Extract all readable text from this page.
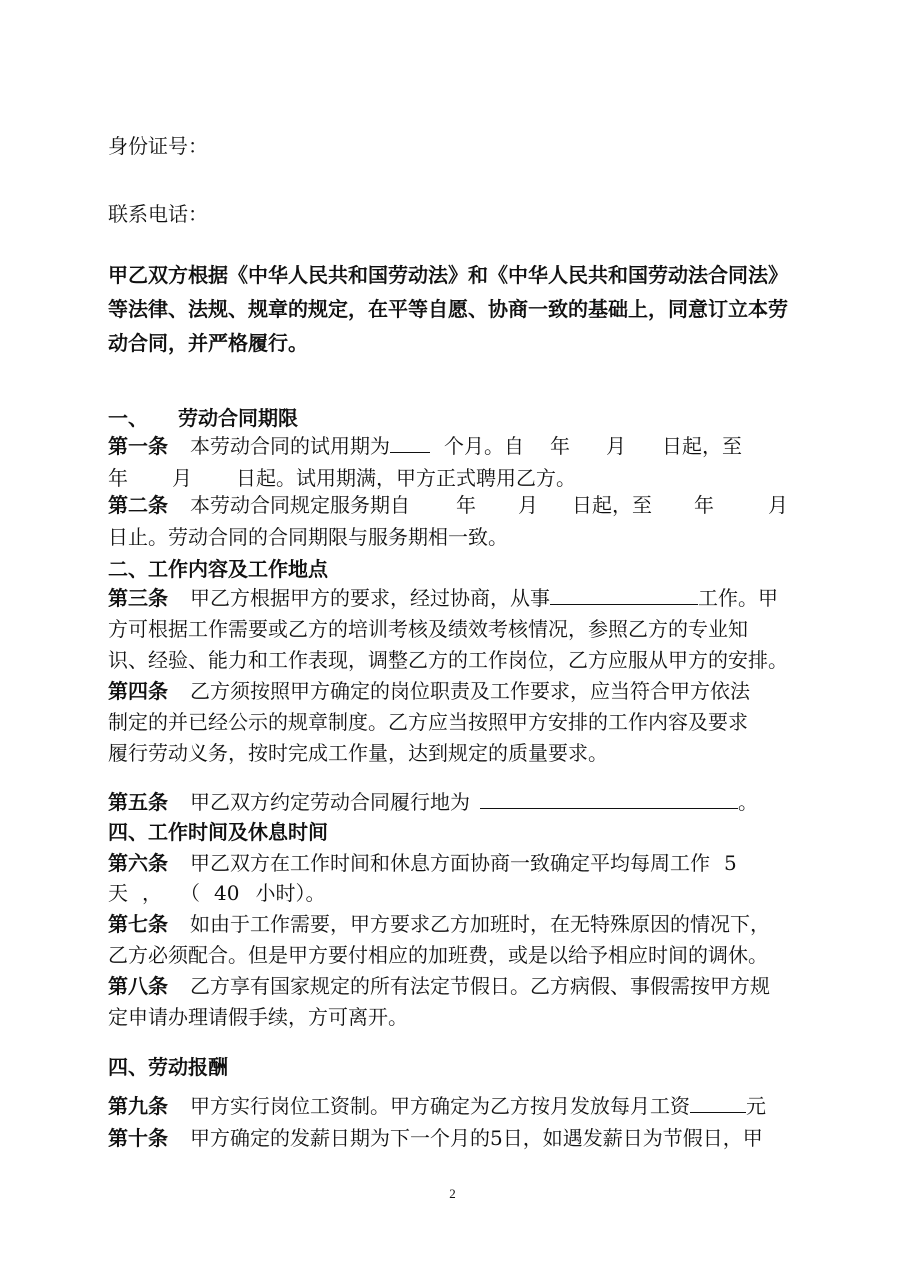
身份证号：
联系电话：
甲乙双方根据《中华人民共和国劳动法》和《中华人民共和国劳动法合同法》
等法律、法规、规章的规定，在平等自愿、协商一致的基础上，同意订立本劳
动合同，并严格履行。
一、 劳动合同期限
第一条 本劳动合同的试用期为	个月。自 年 月 日起，至
年 月 日起。试用期满，甲方正式聘用乙方。
第二条 本劳动合同规定服务期自 年 月 日起，至 年	月
日止。劳动合同的合同期限与服务期相一致。
二、工作内容及工作地点
第三条 甲乙方根据甲方的要求，经过协商，从事	工作。甲
方可根据工作需要或乙方的培训考核及绩效考核情况，参照乙方的专业知
识、经验、能力和工作表现，调整乙方的工作岗位，乙方应服从甲方的安排。
第四条 乙方须按照甲方确定的岗位职责及工作要求，应当符合甲方依法
制定的并已经公示的规章制度。乙方应当按照甲方安排的工作内容及要求
履行劳动义务，按时完成工作量，达到规定的质量要求。
第五条 甲乙双方约定劳动合同履行地为	。
四、工作时间及休息时间
第六条 甲乙双方在工作时间和休息方面协商一致确定平均每周工作 5
天 ， （ 40 小时）。
第七条 如由于工作需要，甲方要求乙方加班时，在无特殊原因的情况下，
乙方必须配合。但是甲方要付相应的加班费，或是以给予相应时间的调休。
第八条 乙方享有国家规定的所有法定节假日。乙方病假、事假需按甲方规
定申请办理请假手续，方可离开。
四、劳动报酬
第九条 甲方实行岗位工资制。甲方确定为乙方按月发放每月工资	元
第十条 甲方确定的发薪日期为下一个月的5日，如遇发薪日为节假日，甲
2
